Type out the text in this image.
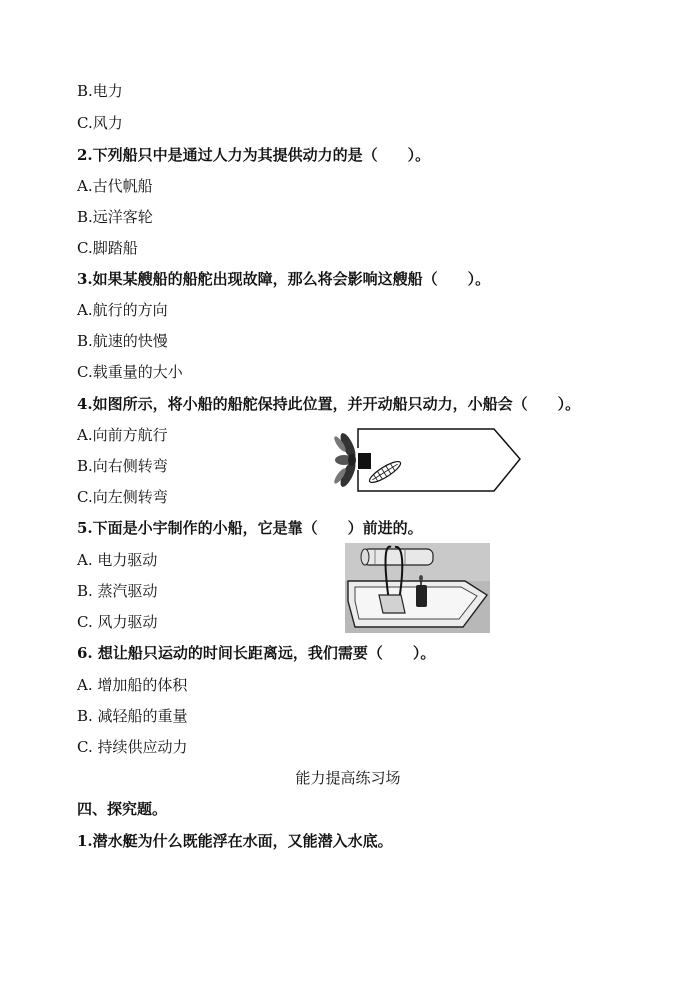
B.电力

C.风力

2.下列船只中是通过人力为其提供动力的是（　　）。

A.古代帆船

B.远洋客轮

C.脚踏船

3.如果某艘船的船舵出现故障，那么将会影响这艘船（　　）。

A.航行的方向

B.航速的快慢

C.载重量的大小

4.如图所示，将小船的船舵保持此位置，并开动船只动力，小船会（　　）。

A.向前方航行

B.向右侧转弯

C.向左侧转弯

5.下面是小宇制作的小船，它是靠（　　）前进的。

A. 电力驱动

B. 蒸汽驱动

C. 风力驱动

6. 想让船只运动的时间长距离远，我们需要（　　）。

A. 增加船的体积

B. 减轻船的重量

C. 持续供应动力

能力提高练习场

四、探究题。

1.潜水艇为什么既能浮在水面，又能潜入水底。
